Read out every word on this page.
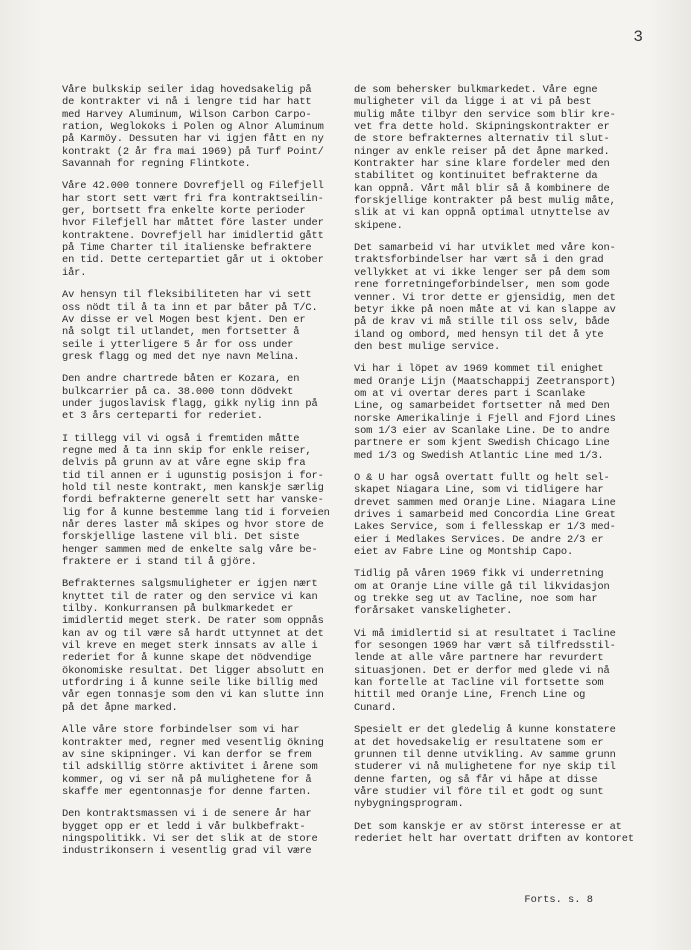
3

Våre bulkskip seiler idag hovedsakelig på
de kontrakter vi nå i lengre tid har hatt
med Harvey Aluminum, Wilson Carbon Carpo-
ration, Weglokoks i Polen og Alnor Aluminum
på Karmöy. Dessuten har vi igjen fått en ny
kontrakt (2 år fra mai 1969) på Turf Point/
Savannah for regning Flintkote.

Våre 42.000 tonnere Dovrefjell og Filefjell
har stort sett vært fri fra kontraktseilin-
ger, bortsett fra enkelte korte perioder
hvor Filefjell har måttet före laster under
kontraktene. Dovrefjell har imidlertid gått
på Time Charter til italienske befraktere
en tid. Dette certepartiet går ut i oktober
iår.

Av hensyn til fleksibiliteten har vi sett
oss nödt til å ta inn et par båter på T/C.
Av disse er vel Mogen best kjent. Den er
nå solgt til utlandet, men fortsetter å
seile i ytterligere 5 år for oss under
gresk flagg og med det nye navn Melina.

Den andre chartrede båten er Kozara, en
bulkcarrier på ca. 38.000 tonn dödvekt
under jugoslavisk flagg, gikk nylig inn på
et 3 års certeparti for rederiet.

I tillegg vil vi også i fremtiden måtte
regne med å ta inn skip for enkle reiser,
delvis på grunn av at våre egne skip fra
tid til annen er i ugunstig posisjon i for-
hold til neste kontrakt, men kanskje særlig
fordi befrakterne generelt sett har vanske-
lig for å kunne bestemme lang tid i forveien
når deres laster må skipes og hvor store de
forskjellige lastene vil bli. Det siste
henger sammen med de enkelte salg våre be-
fraktere er i stand til å gjöre.

Befrakternes salgsmuligheter er igjen nært
knyttet til de rater og den service vi kan
tilby. Konkurransen på bulkmarkedet er
imidlertid meget sterk. De rater som oppnås
kan av og til være så hardt uttynnet at det
vil kreve en meget sterk innsats av alle i
rederiet for å kunne skape det nödvendige
ökonomiske resultat. Det ligger absolutt en
utfordring i å kunne seile like billig med
vår egen tonnasje som den vi kan slutte inn
på det åpne marked.

Alle våre store forbindelser som vi har
kontrakter med, regner med vesentlig ökning
av sine skipninger. Vi kan derfor se frem
til adskillig större aktivitet i årene som
kommer, og vi ser nå på mulighetene for å
skaffe mer egentonnasje for denne farten.

Den kontraktsmassen vi i de senere år har
bygget opp er et ledd i vår bulkbefrakt-
ningspolitikk. Vi ser det slik at de store
industrikonsern i vesentlig grad vil være

de som behersker bulkmarkedet. Våre egne
muligheter vil da ligge i at vi på best
mulig måte tilbyr den service som blir kre-
vet fra dette hold. Skipningskontrakter er
de store befrakternes alternativ til slut-
ninger av enkle reiser på det åpne marked.
Kontrakter har sine klare fordeler med den
stabilitet og kontinuitet befrakterne da
kan oppnå. Vårt mål blir så å kombinere de
forskjellige kontrakter på best mulig måte,
slik at vi kan oppnå optimal utnyttelse av
skipene.

Det samarbeid vi har utviklet med våre kon-
traktsforbindelser har vært så i den grad
vellykket at vi ikke lenger ser på dem som
rene forretningeforbindelser, men som gode
venner. Vi tror dette er gjensidig, men det
betyr ikke på noen måte at vi kan slappe av
på de krav vi må stille til oss selv, både
iland og ombord, med hensyn til det å yte
den best mulige service.

Vi har i löpet av 1969 kommet til enighet
med Oranje Lijn (Maatschappij Zeetransport)
om at vi overtar deres part i Scanlake
Line, og samarbeidet fortsetter nå med Den
norske Amerikalinje i Fjell and Fjord Lines
som 1/3 eier av Scanlake Line. De to andre
partnere er som kjent Swedish Chicago Line
med 1/3 og Swedish Atlantic Line med 1/3.

O & U har også overtatt fullt og helt sel-
skapet Niagara Line, som vi tidligere har
drevet sammen med Oranje Line. Niagara Line
drives i samarbeid med Concordia Line Great
Lakes Service, som i fellesskap er 1/3 med-
eier i Medlakes Services. De andre 2/3 er
eiet av Fabre Line og Montship Capo.

Tidlig på våren 1969 fikk vi underretning
om at Oranje Line ville gå til likvidasjon
og trekke seg ut av Tacline, noe som har
forårsaket vanskeligheter.

Vi må imidlertid si at resultatet i Tacline
for sesongen 1969 har vært så tilfredsstil-
lende at alle våre partnere har revurdert
situasjonen. Det er derfor med glede vi nå
kan fortelle at Tacline vil fortsette som
hittil med Oranje Line, French Line og
Cunard.

Spesielt er det gledelig å kunne konstatere
at det hovedsakelig er resultatene som er
grunnen til denne utvikling. Av samme grunn
studerer vi nå mulighetene for nye skip til
denne farten, og så får vi håpe at disse
våre studier vil före til et godt og sunt
nybygningsprogram.

Det som kanskje er av störst interesse er at
rederiet helt har overtatt driften av kontoret

Forts. s. 8
